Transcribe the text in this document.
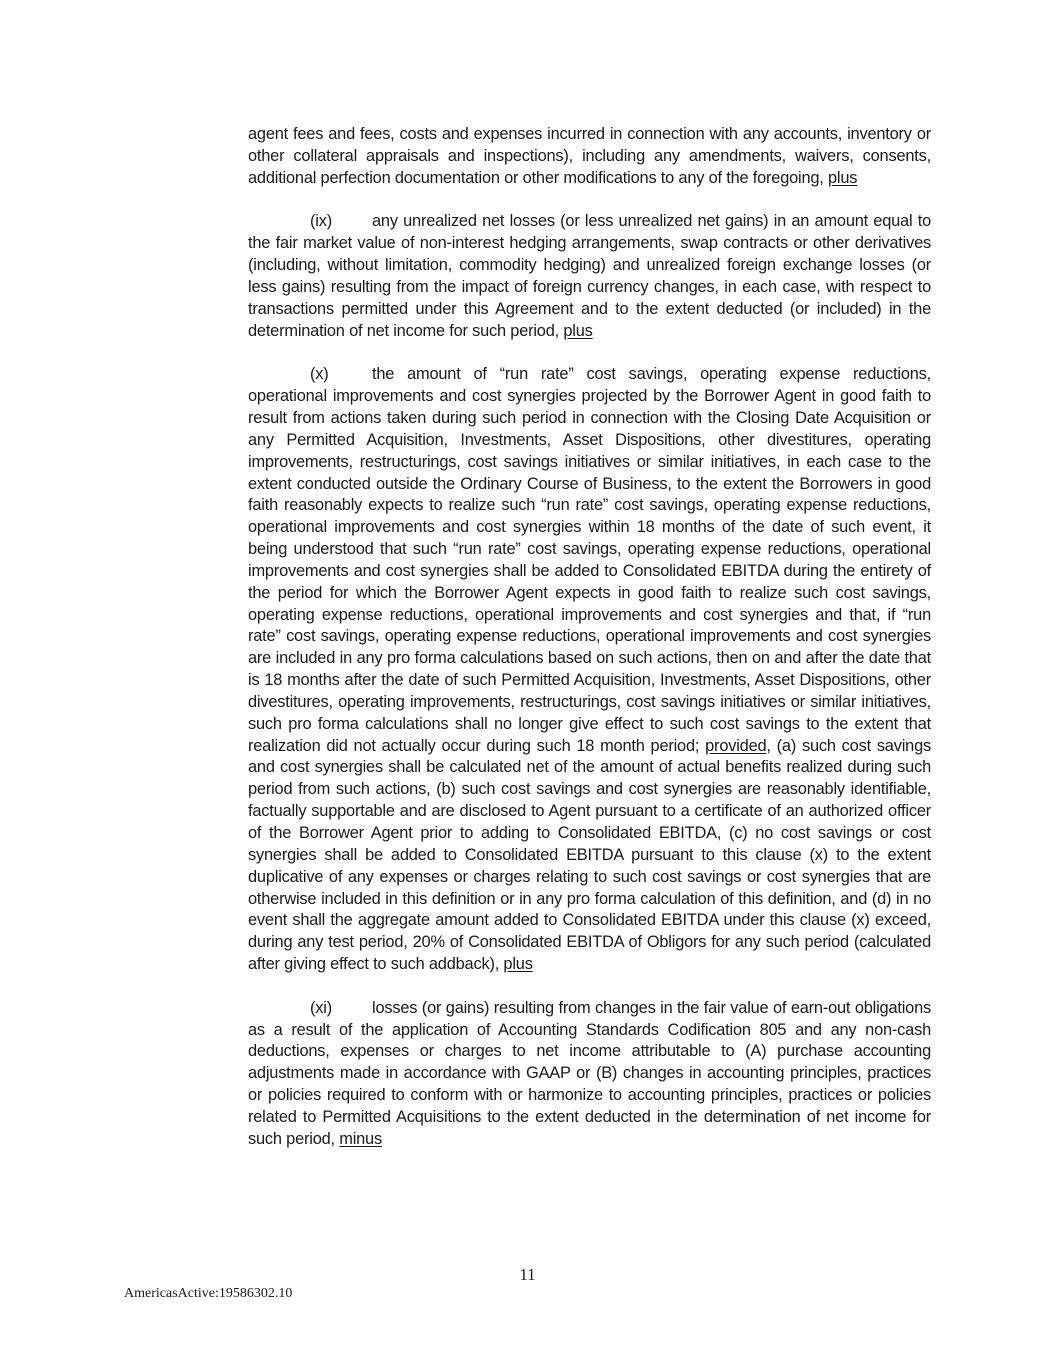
agent fees and fees, costs and expenses incurred in connection with any accounts, inventory or other collateral appraisals and inspections), including any amendments, waivers, consents, additional perfection documentation or other modifications to any of the foregoing, plus

(ix) any unrealized net losses (or less unrealized net gains) in an amount equal to the fair market value of non-interest hedging arrangements, swap contracts or other derivatives (including, without limitation, commodity hedging) and unrealized foreign exchange losses (or less gains) resulting from the impact of foreign currency changes, in each case, with respect to transactions permitted under this Agreement and to the extent deducted (or included) in the determination of net income for such period, plus

(x)	the amount of “run rate” cost savings, operating expense reductions, operational improvements and cost synergies projected by the Borrower Agent in good faith to result from actions taken during such period in connection with the Closing Date Acquisition or any Permitted Acquisition, Investments, Asset Dispositions, other divestitures, operating improvements, restructurings, cost savings initiatives or similar initiatives, in each case to the extent conducted outside the Ordinary Course of Business, to the extent the Borrowers in good faith reasonably expects to realize such “run rate” cost savings, operating expense reductions, operational improvements and cost synergies within 18 months of the date of such event, it being understood that such “run rate” cost savings, operating expense reductions, operational improvements and cost synergies shall be added to Consolidated EBITDA during the entirety of the period for which the Borrower Agent expects in good faith to realize such cost savings, operating expense reductions, operational improvements and cost synergies and that, if “run rate” cost savings, operating expense reductions, operational improvements and cost synergies are included in any pro forma calculations based on such actions, then on and after the date that is 18 months after the date of such Permitted Acquisition, Investments, Asset Dispositions, other divestitures, operating improvements, restructurings, cost savings initiatives or similar initiatives, such pro forma calculations shall no longer give effect to such cost savings to the extent that realization did not actually occur during such 18 month period; provided, (a) such cost savings and cost synergies shall be calculated net of the amount of actual benefits realized during such period from such actions, (b) such cost savings and cost synergies are reasonably identifiable, factually supportable and are disclosed to Agent pursuant to a certificate of an authorized officer of the Borrower Agent prior to adding to Consolidated EBITDA, (c) no cost savings or cost synergies shall be added to Consolidated EBITDA pursuant to this clause (x) to the extent duplicative of any expenses or charges relating to such cost savings or cost synergies that are otherwise included in this definition or in any pro forma calculation of this definition, and (d) in no event shall the aggregate amount added to Consolidated EBITDA under this clause (x) exceed, during any test period, 20% of Consolidated EBITDA of Obligors for any such period (calculated after giving effect to such addback), plus

(xi) losses (or gains) resulting from changes in the fair value of earn-out obligations as a result of the application of Accounting Standards Codification 805 and any non-cash deductions, expenses or charges to net income attributable to (A) purchase accounting adjustments made in accordance with GAAP or (B) changes in accounting principles, practices or policies required to conform with or harmonize to accounting principles, practices or policies related to Permitted Acquisitions to the extent deducted in the determination of net income for such period, minus

11
AmericasActive:19586302.10
